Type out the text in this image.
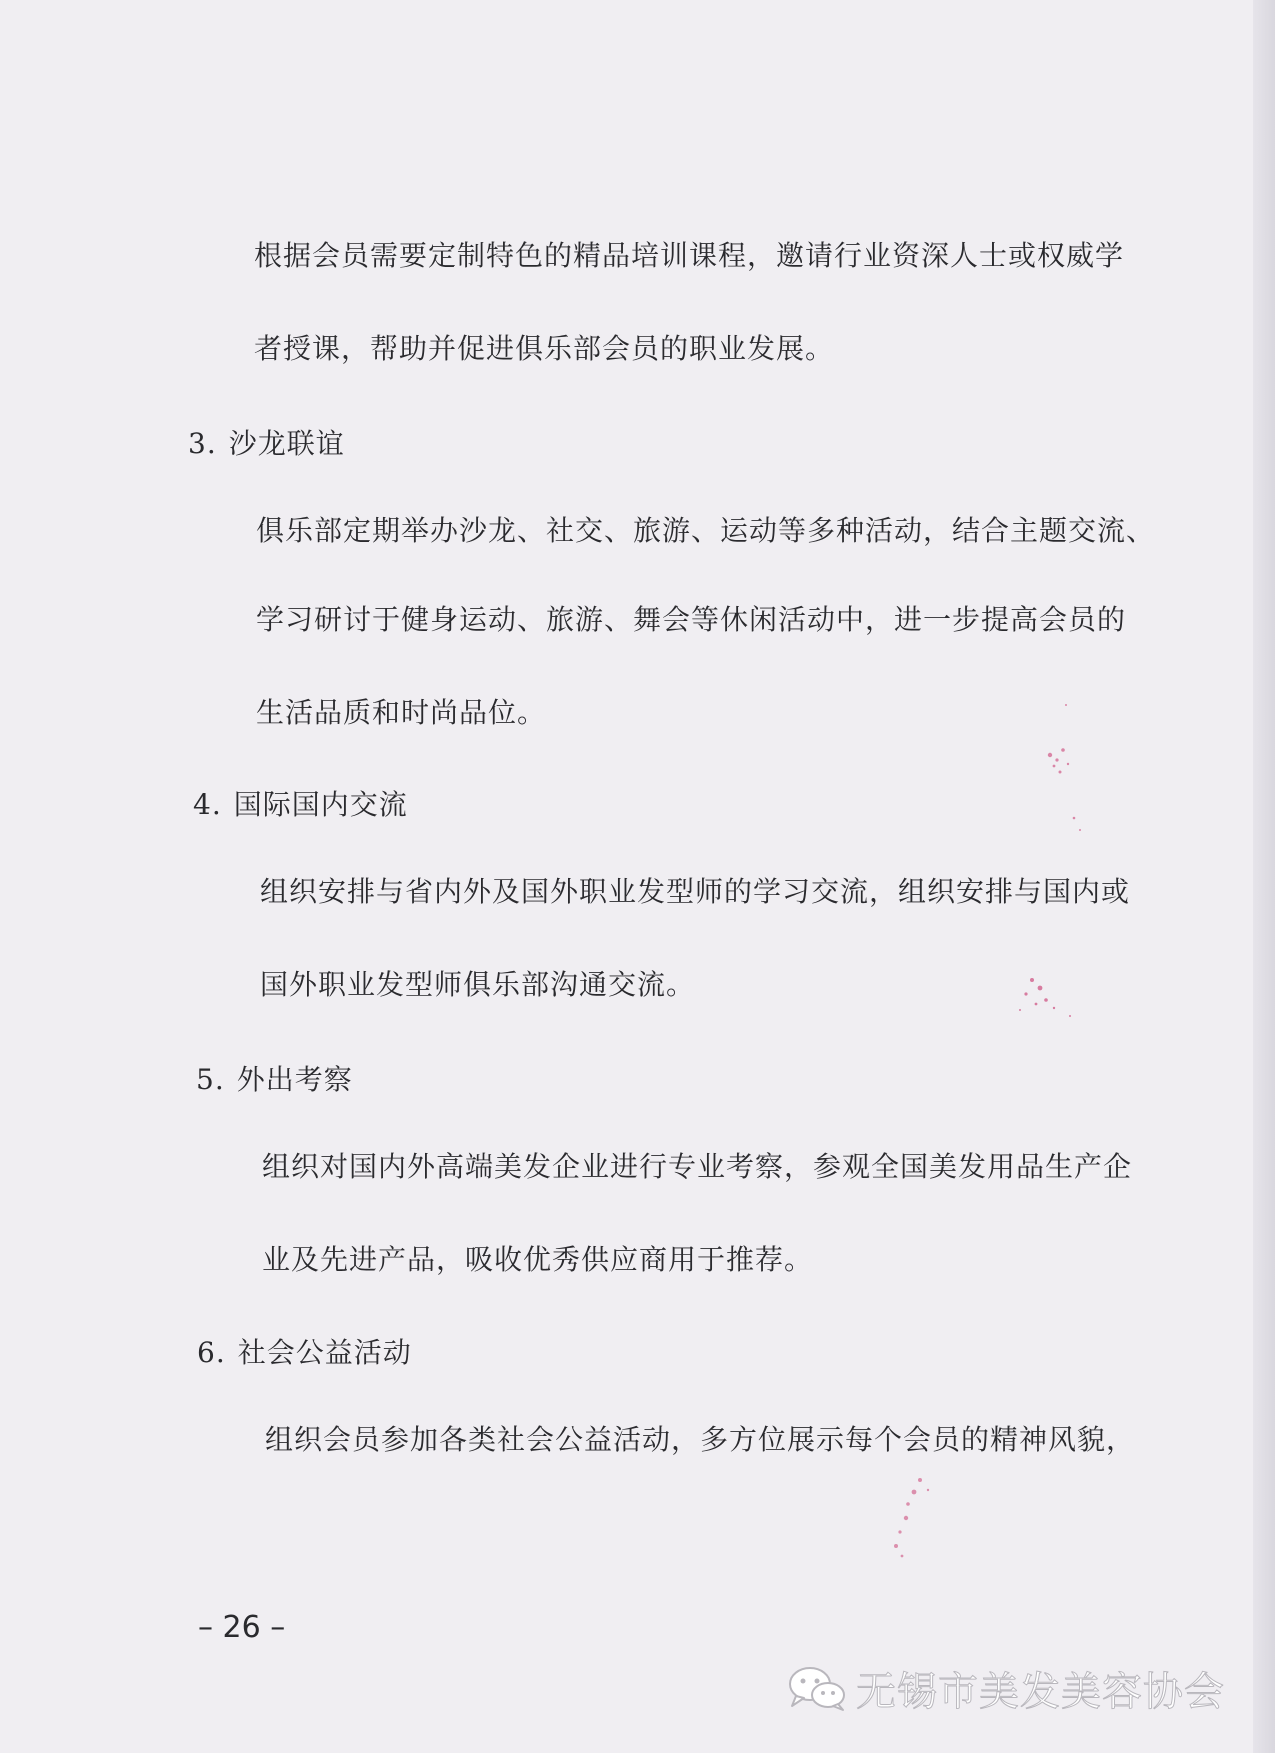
根据会员需要定制特色的精品培训课程，邀请行业资深人士或权威学
者授课，帮助并促进俱乐部会员的职业发展。
3. 沙龙联谊
俱乐部定期举办沙龙、社交、旅游、运动等多种活动，结合主题交流、
学习研讨于健身运动、旅游、舞会等休闲活动中，进一步提高会员的
生活品质和时尚品位。
4. 国际国内交流
组织安排与省内外及国外职业发型师的学习交流，组织安排与国内或
国外职业发型师俱乐部沟通交流。
5. 外出考察
组织对国内外高端美发企业进行专业考察，参观全国美发用品生产企
业及先进产品，吸收优秀供应商用于推荐。
6. 社会公益活动
组织会员参加各类社会公益活动，多方位展示每个会员的精神风貌，
– 26 –
无锡市美发美容协会
